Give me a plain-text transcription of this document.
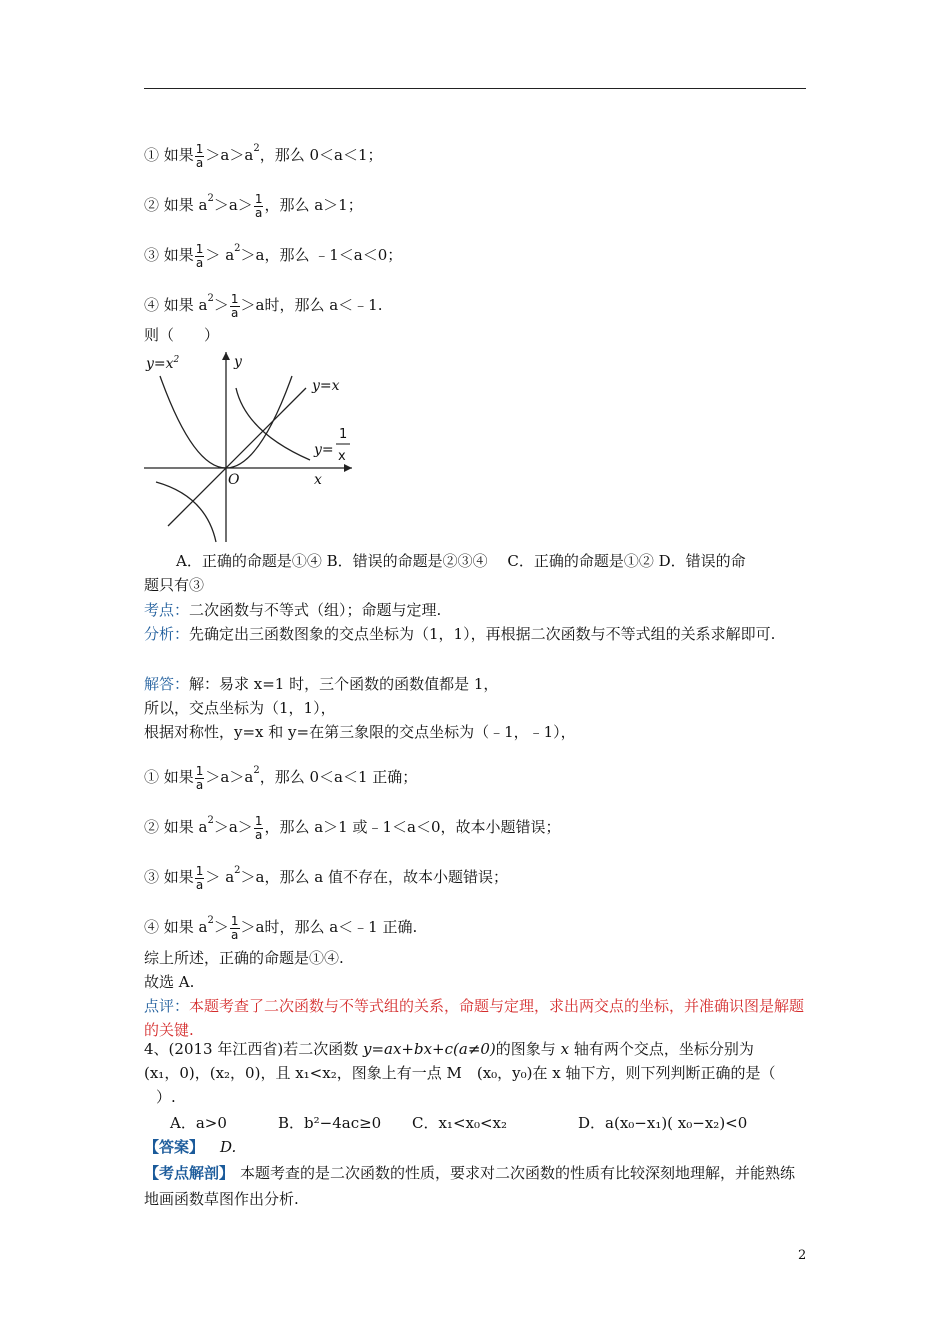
① 如果 $\frac{1}{a} >a>a^2$，那么 0＜a＜1；
② 如果 $a^2>a> \frac{1}{a}$ ，那么 a＞1；
③ 如果 $\frac{1}{a} > a^2>a$，那么 ﹣1＜a＜0；
④ 如果 $a^2> \frac{1}{a} >a$时，那么 a＜﹣1.
则（　　）
$y=x^2$	y
y=x
y=
1
x
O	x
A．正确的命题是①④ B．错误的命题是②③④　 C．正确的命题是①② D．错误的命
题只有③
考点：二次函数与不等式（组）；命题与定理.
分析：先确定出三函数图象的交点坐标为（1，1），再根据二次函数与不等式组的关系求解即可.
解答：解：易求 x=1 时，三个函数的函数值都是 1，
所以，交点坐标为（1，1），
根据对称性，y=x 和 y=在第三象限的交点坐标为（﹣1，﹣1），
① 如果 $\frac{1}{a} >a>a^2$，那么 0＜a＜1 正确；
② 如果 $a^2>a> \frac{1}{a}$ ，那么 a＞1 或﹣1＜a＜0，故本小题错误；
③ 如果 $\frac{1}{a} > a^2>a$，那么 a 值不存在，故本小题错误；
④ 如果 $a^2> \frac{1}{a} >a$时，那么 a＜﹣1 正确.
综上所述，正确的命题是①④.
故选 A.
点评：本题考查了二次函数与不等式组的关系，命题与定理，求出两交点的坐标，并准确识图是解题的关键.
4、(2013 年江西省)若二次函数 y=ax+bx+c(a≠0)的图象与 x 轴有两个交点，坐标分别为
(x₁，0)，(x₂，0)，且 x₁<x₂，图象上有一点 M　(x₀，y₀)在 x 轴下方，则下列判断正确的是（
）.
A．a>0	B．b²−4ac≥0 C．x₁<x₀<x₂	D．a(x₀−x₁)( x₀−x₂)<0
【答案】 D.
【考点解剖】 本题考查的是二次函数的性质，要求对二次函数的性质有比较深刻地理解，并能熟练地画函数草图作出分析.
2
